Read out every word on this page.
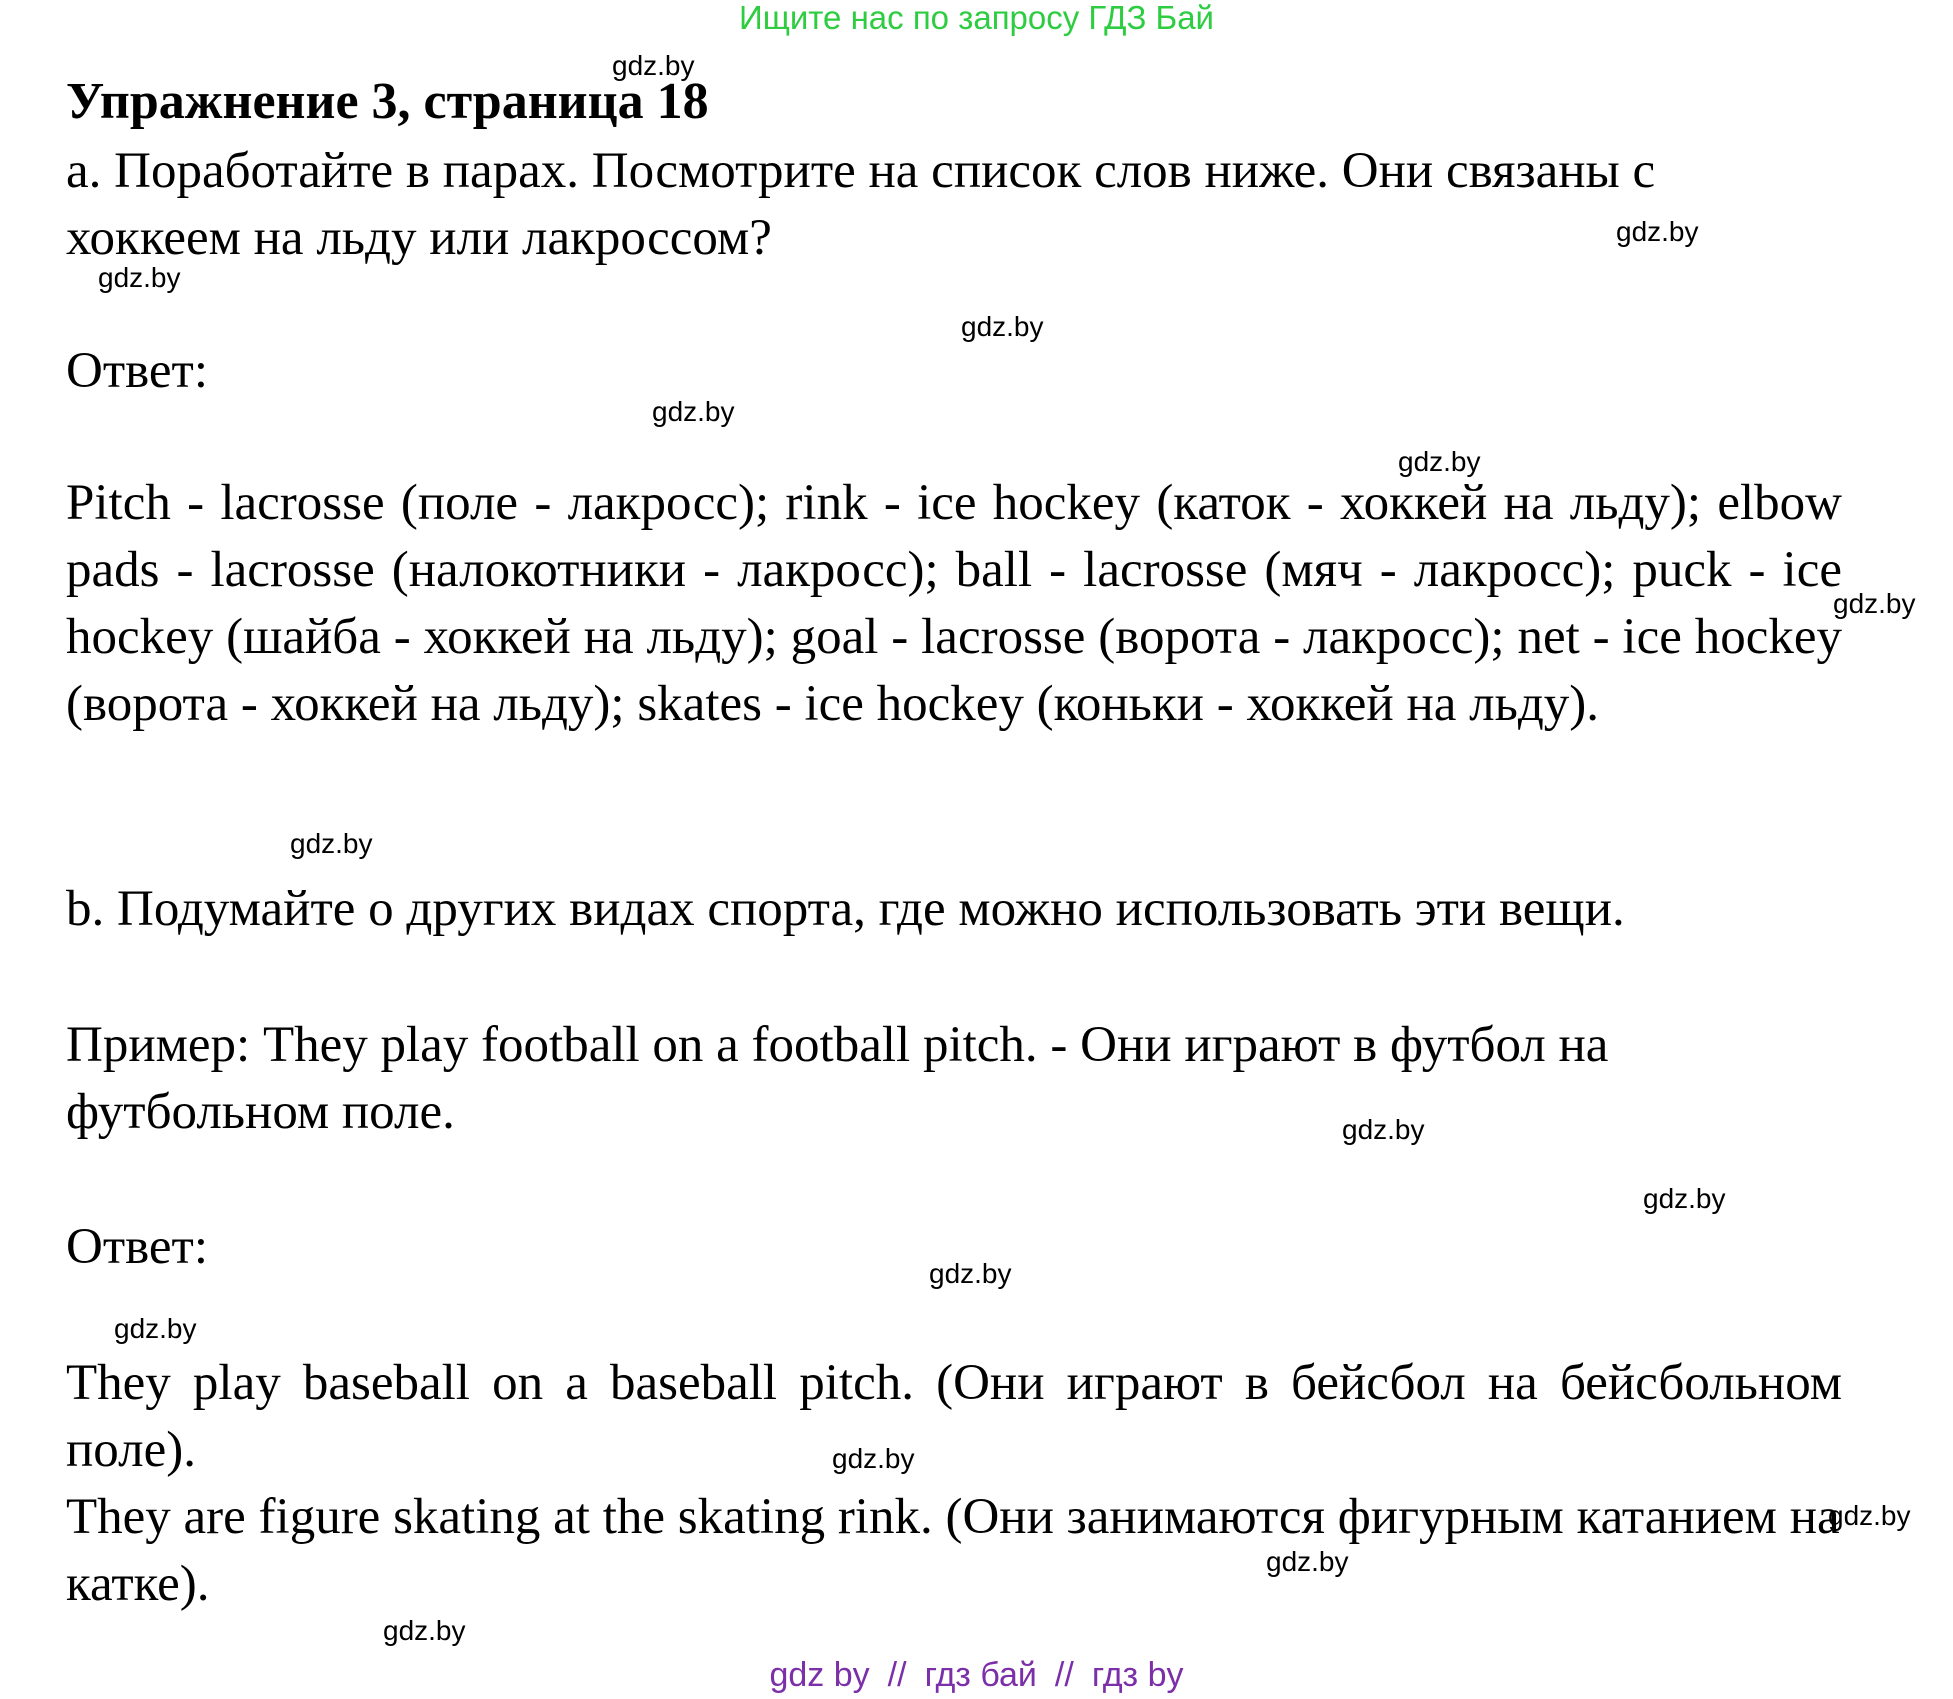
Ищите нас по запросу ГДЗ Бай
Упражнение 3, страница 18

a. Поработайте в парах. Посмотрите на список слов ниже. Они связаны с хоккеем на льду или лакроссом?

Ответ:

Pitch - lacrosse (поле - лакросс); rink - ice hockey (каток - хоккей на льду); elbow pads - lacrosse (налокотники - лакросс); ball - lacrosse (мяч - лакросс); puck - ice hockey (шайба - хоккей на льду); goal - lacrosse (ворота - лакросс); net - ice hockey (ворота - хоккей на льду); skates - ice hockey (коньки - хоккей на льду).

b. Подумайте о других видах спорта, где можно использовать эти вещи.

Пример: They play football on a football pitch. - Они играют в футбол на футбольном поле.

Ответ:

They play baseball on a baseball pitch. (Они играют в бейсбол на бейсбольном поле).

They are figure skating at the skating rink. (Они занимаются фигурным катанием на катке).

gdz.by
gdz.by
gdz.by
gdz.by
gdz.by
gdz.by
gdz.by
gdz.by
gdz.by
gdz.by
gdz.by
gdz.by
gdz.by
gdz.by
gdz.by
gdz.by
gdz by // гдз бай // гдз by
